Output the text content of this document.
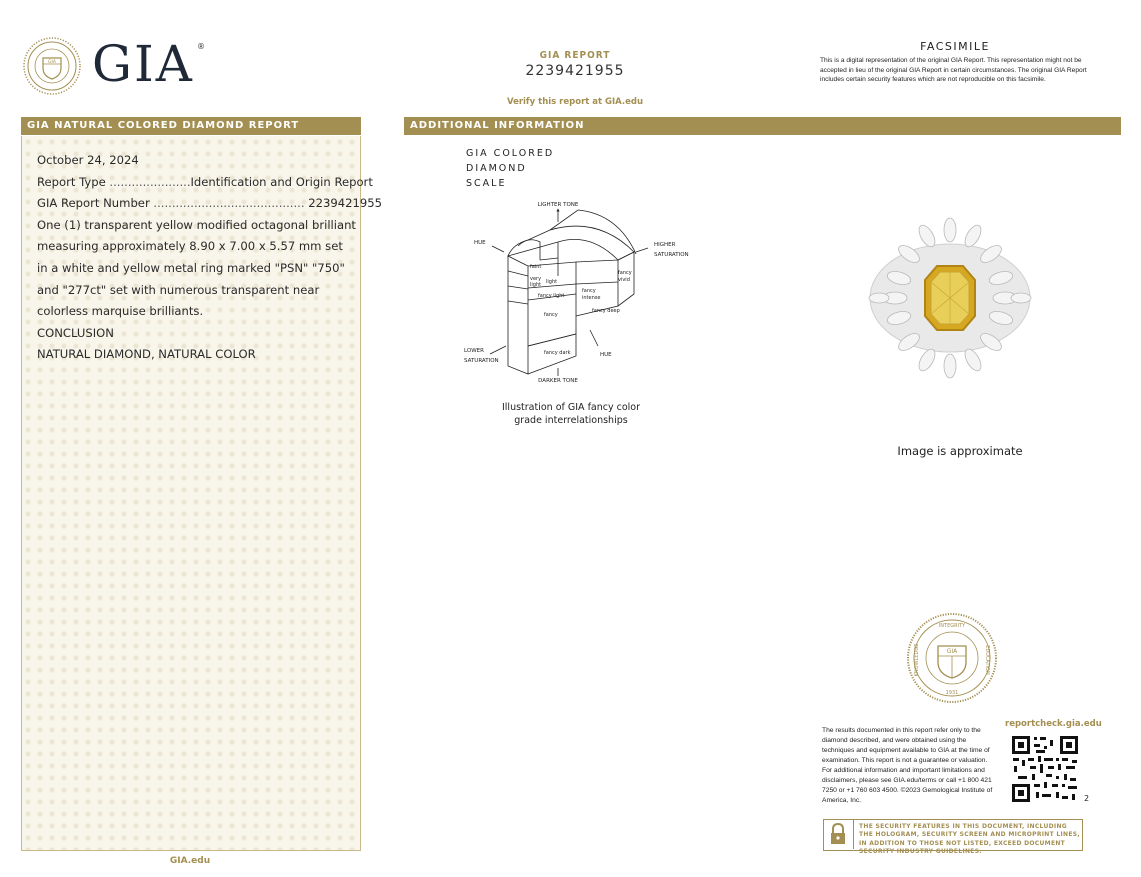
GIA GIA ®
GIA REPORT
2239421955
Verify this report at GIA.edu
FACSIMILE
This is a digital representation of the original GIA Report. This representation might not be accepted in lieu of the original GIA Report in certain circumstances. The original GIA Report includes certain security features which are not reproducible on this facsimile.
GIA NATURAL COLORED DIAMOND REPORT	ADDITIONAL INFORMATION
October 24, 2024
Report Type ......................Identification and Origin Report
GIA Report Number ......................................... 2239421955
One (1) transparent yellow modified octagonal brilliant measuring approximately 8.90 x 7.00 x 5.57 mm set in a white and yellow metal ring marked "PSN" "750" and "277ct" set with numerous transparent near colorless marquise brilliants.
CONCLUSION
NATURAL DIAMOND, NATURAL COLOR
GIA.edu
GIA COLORED
DIAMOND
SCALE
LIGHTER TONE
DARKER TONE
HUE
HUE
HIGHER
SATURATION
LOWER
SATURATION
faint
very
light light
fancy light
fancy
fancy
intense
fancy
vivid
fancy deep
fancy dark
Illustration of GIA fancy color
grade interrelationships
Image is approximate
GIA
INTEGRITY
1931
EDUCATION
KNOWLEDGE
The results documented in this report refer only to the diamond described, and were obtained using the techniques and equipment available to GIA at the time of examination. This report is not a guarantee or valuation. For additional information and important limitations and disclaimers, please see GIA.edu/terms or call +1 800 421 7250 or +1 760 603 4500. ©2023 Gemological Institute of America, Inc.
reportcheck.gia.edu
2
THE SECURITY FEATURES IN THIS DOCUMENT, INCLUDING THE HOLOGRAM, SECURITY SCREEN AND MICROPRINT LINES, IN ADDITION TO THOSE NOT LISTED, EXCEED DOCUMENT SECURITY INDUSTRY GUIDELINES.
